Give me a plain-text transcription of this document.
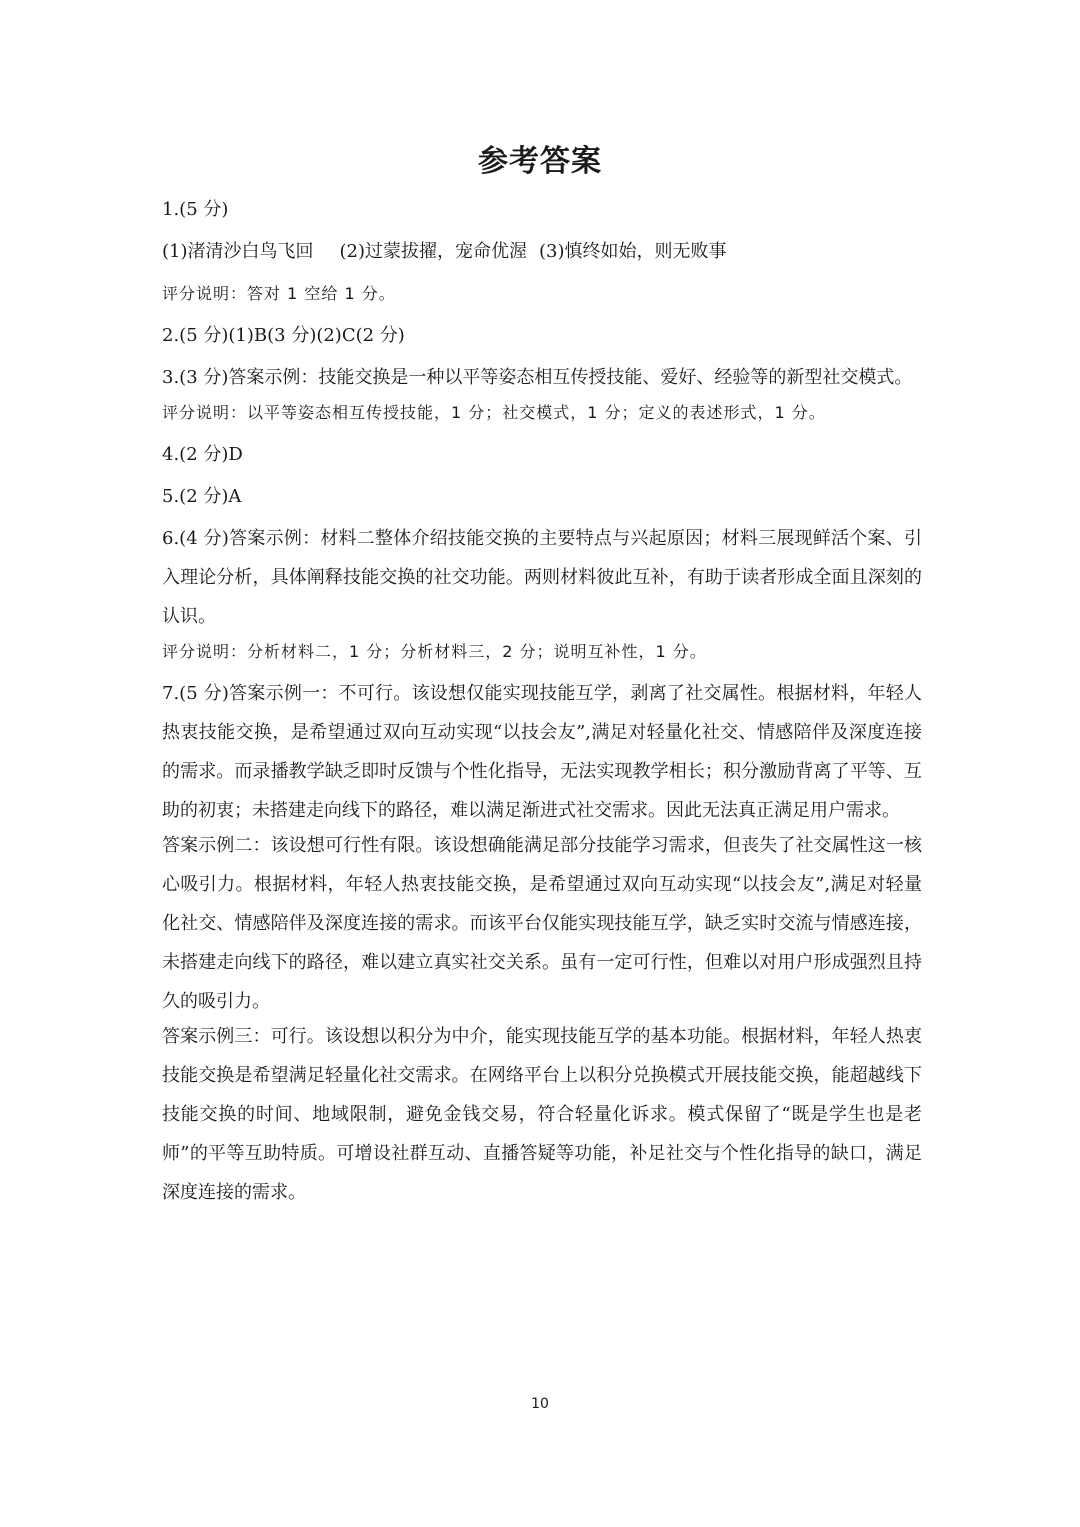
参考答案

1.(5 分)

(1)渚清沙白鸟飞回 (2)过蒙拔擢，宠命优渥 (3)慎终如始，则无败事

评分说明：答对 1 空给 1 分。

2.(5 分)(1)B(3 分)(2)C(2 分)

3.(3 分)答案示例：技能交换是一种以平等姿态相互传授技能、爱好、经验等的新型社交模式。

评分说明：以平等姿态相互传授技能，1 分；社交模式，1 分；定义的表述形式，1 分。

4.(2 分)D

5.(2 分)A

6.(4 分)答案示例：材料二整体介绍技能交换的主要特点与兴起原因；材料三展现鲜活个案、引入理论分析，具体阐释技能交换的社交功能。两则材料彼此互补，有助于读者形成全面且深刻的认识。

评分说明：分析材料二，1 分；分析材料三，2 分；说明互补性，1 分。

7.(5 分)答案示例一：不可行。该设想仅能实现技能互学，剥离了社交属性。根据材料，年轻人热衷技能交换，是希望通过双向互动实现“以技会友”,满足对轻量化社交、情感陪伴及深度连接的需求。而录播教学缺乏即时反馈与个性化指导，无法实现教学相长；积分激励背离了平等、互助的初衷；未搭建走向线下的路径，难以满足渐进式社交需求。因此无法真正满足用户需求。

答案示例二：该设想可行性有限。该设想确能满足部分技能学习需求，但丧失了社交属性这一核心吸引力。根据材料，年轻人热衷技能交换，是希望通过双向互动实现“以技会友”,满足对轻量化社交、情感陪伴及深度连接的需求。而该平台仅能实现技能互学，缺乏实时交流与情感连接，未搭建走向线下的路径，难以建立真实社交关系。虽有一定可行性，但难以对用户形成强烈且持久的吸引力。

答案示例三：可行。该设想以积分为中介，能实现技能互学的基本功能。根据材料，年轻人热衷技能交换是希望满足轻量化社交需求。在网络平台上以积分兑换模式开展技能交换，能超越线下技能交换的时间、地域限制，避免金钱交易，符合轻量化诉求。模式保留了“既是学生也是老师”的平等互助特质。可增设社群互动、直播答疑等功能，补足社交与个性化指导的缺口，满足深度连接的需求。

10
